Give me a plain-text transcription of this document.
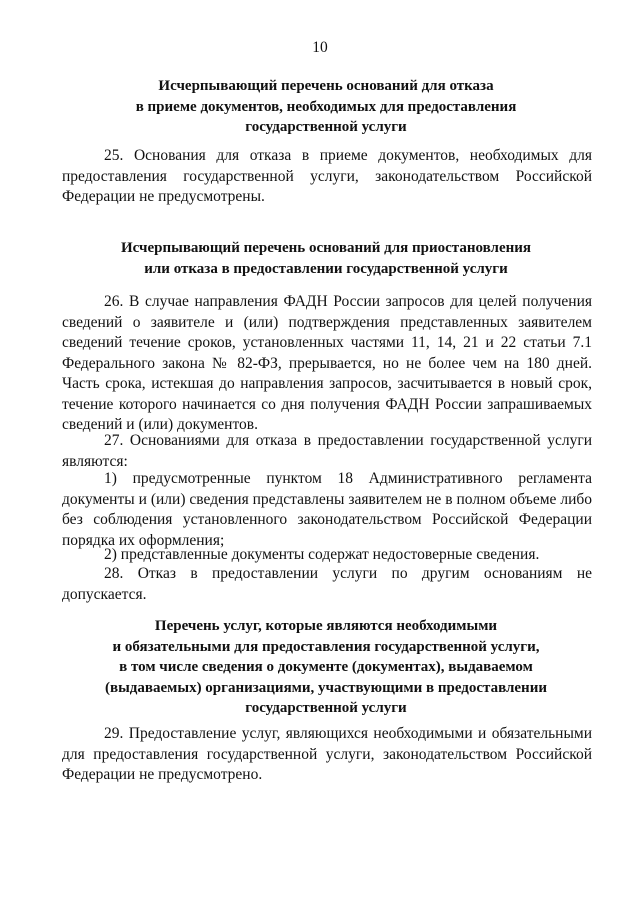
10
Исчерпывающий перечень оснований для отказа
в приеме документов, необходимых для предоставления
государственной услуги

25. Основания для отказа в приеме документов, необходимых для предоставления государственной услуги, законодательством Российской Федерации не предусмотрены.

Исчерпывающий перечень оснований для приостановления
или отказа в предоставлении государственной услуги

26. В случае направления ФАДН России запросов для целей получения сведений о заявителе и (или) подтверждения представленных заявителем сведений течение сроков, установленных частями 11, 14, 21 и 22 статьи 7.1 Федерального закона № 82-ФЗ, прерывается, но не более чем на 180 дней. Часть срока, истекшая до направления запросов, засчитывается в новый срок, течение которого начинается со дня получения ФАДН России запрашиваемых сведений и (или) документов.

27. Основаниями для отказа в предоставлении государственной услуги являются:

1) предусмотренные пунктом 18 Административного регламента документы и (или) сведения представлены заявителем не в полном объеме либо без соблюдения установленного законодательством Российской Федерации порядка их оформления;

2) представленные документы содержат недостоверные сведения.

28. Отказ в предоставлении услуги по другим основаниям не допускается.

Перечень услуг, которые являются необходимыми
и обязательными для предоставления государственной услуги,
в том числе сведения о документе (документах), выдаваемом
(выдаваемых) организациями, участвующими в предоставлении
государственной услуги

29. Предоставление услуг, являющихся необходимыми и обязательными для предоставления государственной услуги, законодательством Российской Федерации не предусмотрено.
